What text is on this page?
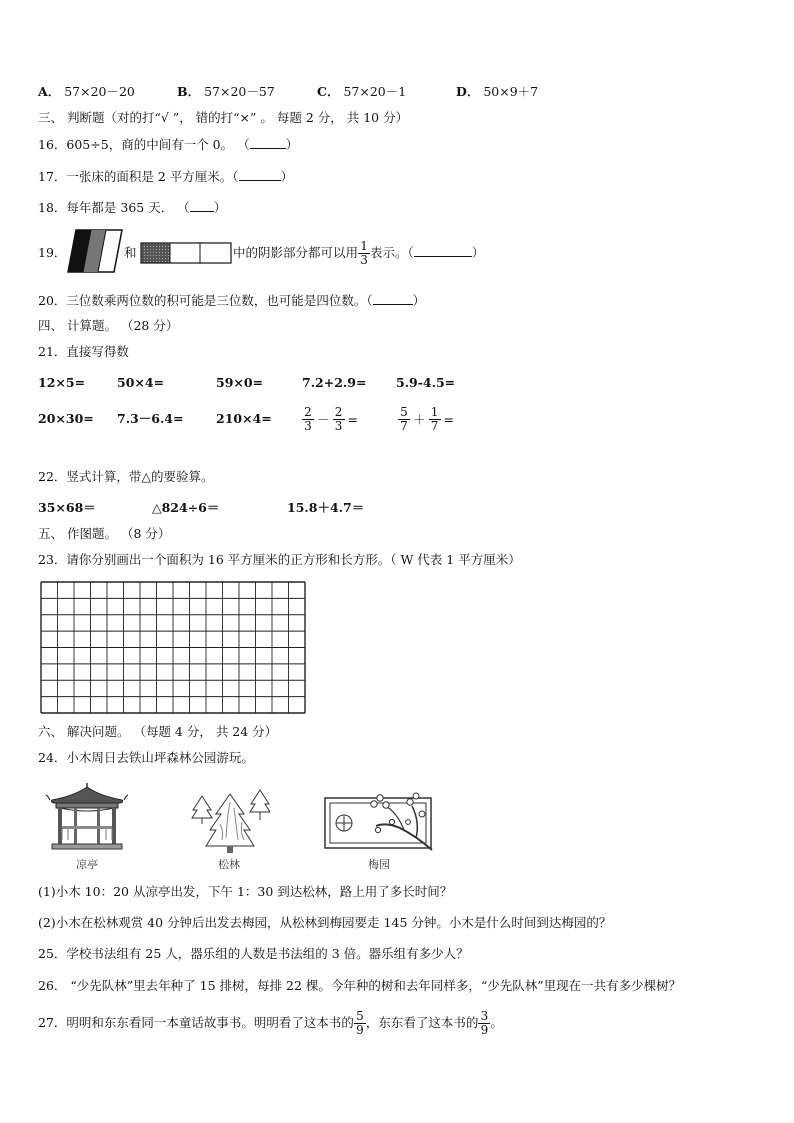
A． 57×20－20	B． 57×20－57	C． 57×20－1	D． 50×9＋7
三、 判断题（对的打“√ ”， 错的打“×” 。 每题 2 分， 共 10 分）
16．605÷5，商的中间有一个 0。 （	）
17．一张床的面积是 2 平方厘米。（	）
18．每年都是 365 天． （ ）
19．	和	中的阴影部分都可以用 $\frac{1}{3}$ 表示。（	）
20．三位数乘两位数的积可能是三位数，也可能是四位数。（	）
四、 计算题。 （28 分）
21．直接写得数
12×5=	50×4=	59×0=	7.2+2.9= 5.9-4.5=
20×30= 7.3－6.4=	210×4=	$\frac{2}{3} - \frac{2}{3}$ =	$\frac{5}{7} + \frac{1}{7}$ =
22．竖式计算，带△的要验算。
35×68＝	△824÷6＝	15.8＋4.7＝
五、 作图题。 （8 分）
23．请你分别画出一个面积为 16 平方厘米的正方形和长方形。（ W 代表 1 平方厘米）
六、 解决问题。 （每题 4 分， 共 24 分）
24．小木周日去铁山坪森林公园游玩。
凉亭	松林	梅园
(1)小木 10：20 从凉亭出发，下午 1：30 到达松林，路上用了多长时间？
(2)小木在松林观赏 40 分钟后出发去梅园，从松林到梅园要走 145 分钟。小木是什么时间到达梅园的？
25．学校书法组有 25 人，器乐组的人数是书法组的 3 倍。器乐组有多少人？
26． “少先队林”里去年种了 15 排树，每排 22 棵。今年种的树和去年同样多，“少先队林”里现在一共有多少棵树？
27．明明和东东看同一本童话故事书。明明看了这本书的 $\frac{5}{9}$ ，东东看了这本书的 $\frac{3}{9}$ 。
